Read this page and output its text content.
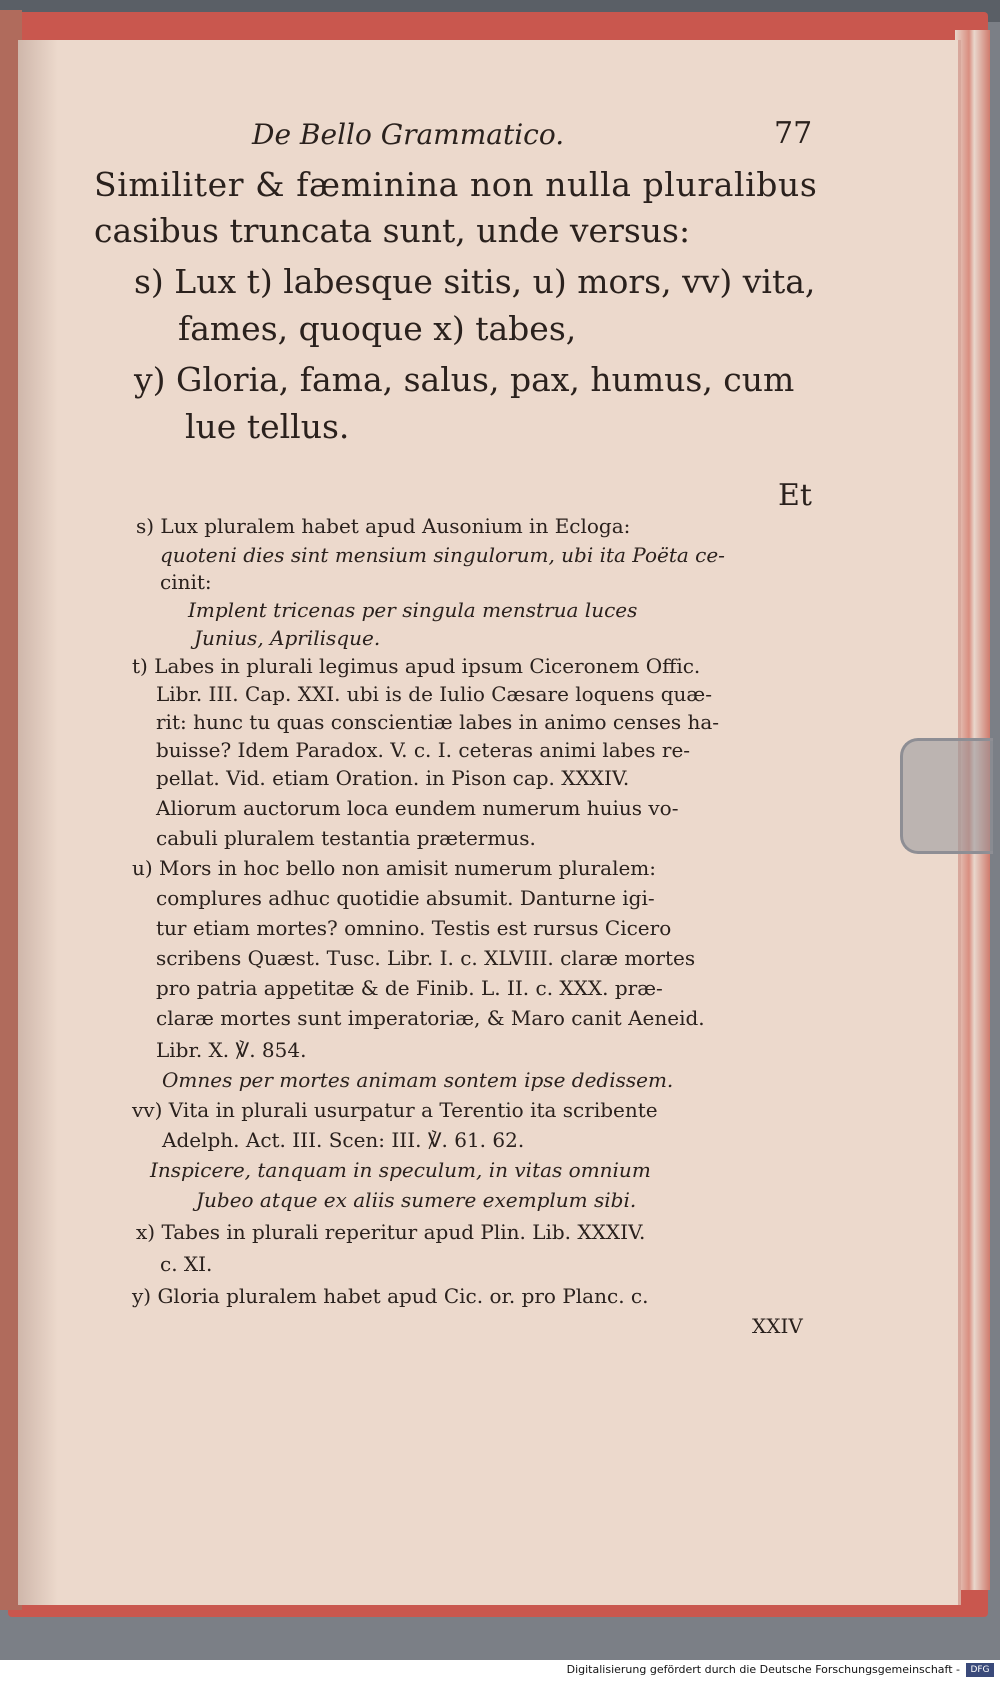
De Bello Grammatico.	77
Similiter & fæminina non nulla pluralibus
casibus truncata sunt, unde versus:
s) Lux t) labesque sitis, u) mors, vv) vita,
fames, quoque x) tabes,
y) Gloria, fama, salus, pax, humus, cum
lue tellus.
Et
s) Lux pluralem habet apud Ausonium in Ecloga:
quoteni dies sint mensium singulorum, ubi ita Poëta ce-
cinit:
Implent tricenas per singula menstrua luces
Junius, Aprilisque.
t) Labes in plurali legimus apud ipsum Ciceronem Offic.
Libr. III. Cap. XXI. ubi is de Iulio Cæsare loquens quæ-
rit: hunc tu quas conscientiæ labes in animo censes ha-
buisse? Idem Paradox. V. c. I. ceteras animi labes re-
pellat. Vid. etiam Oration. in Pison cap. XXXIV.
Aliorum auctorum loca eundem numerum huius vo-
cabuli pluralem testantia prætermus.
u) Mors in hoc bello non amisit numerum pluralem:
complures adhuc quotidie absumit. Danturne igi-
tur etiam mortes? omnino. Testis est rursus Cicero
scribens Quæst. Tusc. Libr. I. c. XLVIII. claræ mortes
pro patria appetitæ & de Finib. L. II. c. XXX. præ-
claræ mortes sunt imperatoriæ, & Maro canit Aeneid.
Libr. X. ℣. 854.
Omnes per mortes animam sontem ipse dedissem.
vv) Vita in plurali usurpatur a Terentio ita scribente
Adelph. Act. III. Scen: III. ℣. 61. 62.
Inspicere, tanquam in speculum, in vitas omnium
Jubeo atque ex aliis sumere exemplum sibi.
x) Tabes in plurali reperitur apud Plin. Lib. XXXIV.
c. XI.
y) Gloria pluralem habet apud Cic. or. pro Planc. c.
XXIV
Digitalisierung gefördert durch die Deutsche Forschungsgemeinschaft -	DFG
